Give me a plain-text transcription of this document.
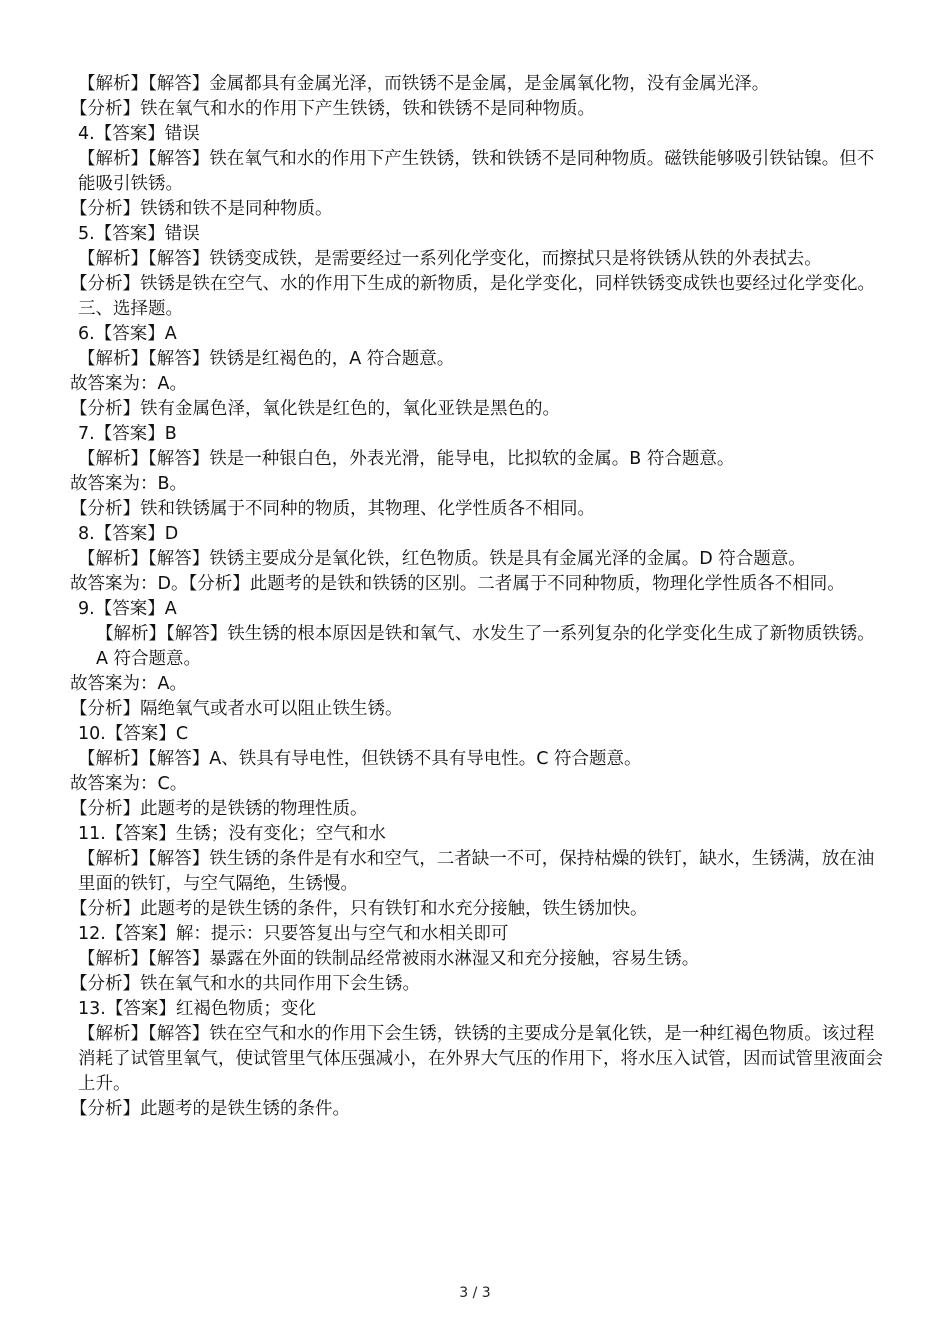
【解析】【解答】金属都具有金属光泽，而铁锈不是金属，是金属氧化物，没有金属光泽。

【分析】铁在氧气和水的作用下产生铁锈，铁和铁锈不是同种物质。

4.【答案】错误

【解析】【解答】铁在氧气和水的作用下产生铁锈，铁和铁锈不是同种物质。磁铁能够吸引铁钴镍。但不能吸引铁锈。

【分析】铁锈和铁不是同种物质。

5.【答案】错误

【解析】【解答】铁锈变成铁，是需要经过一系列化学变化，而擦拭只是将铁锈从铁的外表拭去。

【分析】铁锈是铁在空气、水的作用下生成的新物质，是化学变化，同样铁锈变成铁也要经过化学变化。

三、选择题。

6.【答案】A

【解析】【解答】铁锈是红褐色的，A 符合题意。

故答案为：A。

【分析】铁有金属色泽，氧化铁是红色的，氧化亚铁是黑色的。

7.【答案】B

【解析】【解答】铁是一种银白色，外表光滑，能导电，比拟软的金属。B 符合题意。

故答案为：B。

【分析】铁和铁锈属于不同种的物质，其物理、化学性质各不相同。

8.【答案】D

【解析】【解答】铁锈主要成分是氧化铁，红色物质。铁是具有金属光泽的金属。D 符合题意。

故答案为：D。【分析】此题考的是铁和铁锈的区别。二者属于不同种物质，物理化学性质各不相同。

9.【答案】A

【解析】【解答】铁生锈的根本原因是铁和氧气、水发生了一系列复杂的化学变化生成了新物质铁锈。A 符合题意。

故答案为：A。

【分析】隔绝氧气或者水可以阻止铁生锈。

10.【答案】C

【解析】【解答】A、铁具有导电性，但铁锈不具有导电性。C 符合题意。

故答案为：C。

【分析】此题考的是铁锈的物理性质。

11.【答案】生锈；没有变化；空气和水

【解析】【解答】铁生锈的条件是有水和空气，二者缺一不可，保持枯燥的铁钉，缺水，生锈满，放在油里面的铁钉，与空气隔绝，生锈慢。

【分析】此题考的是铁生锈的条件，只有铁钉和水充分接触，铁生锈加快。

12.【答案】解：提示：只要答复出与空气和水相关即可

【解析】【解答】暴露在外面的铁制品经常被雨水淋湿又和充分接触，容易生锈。

【分析】铁在氧气和水的共同作用下会生锈。

13.【答案】红褐色物质；变化

【解析】【解答】铁在空气和水的作用下会生锈，铁锈的主要成分是氧化铁，是一种红褐色物质。该过程消耗了试管里氧气，使试管里气体压强减小，在外界大气压的作用下，将水压入试管，因而试管里液面会上升。

【分析】此题考的是铁生锈的条件。

3 / 3
